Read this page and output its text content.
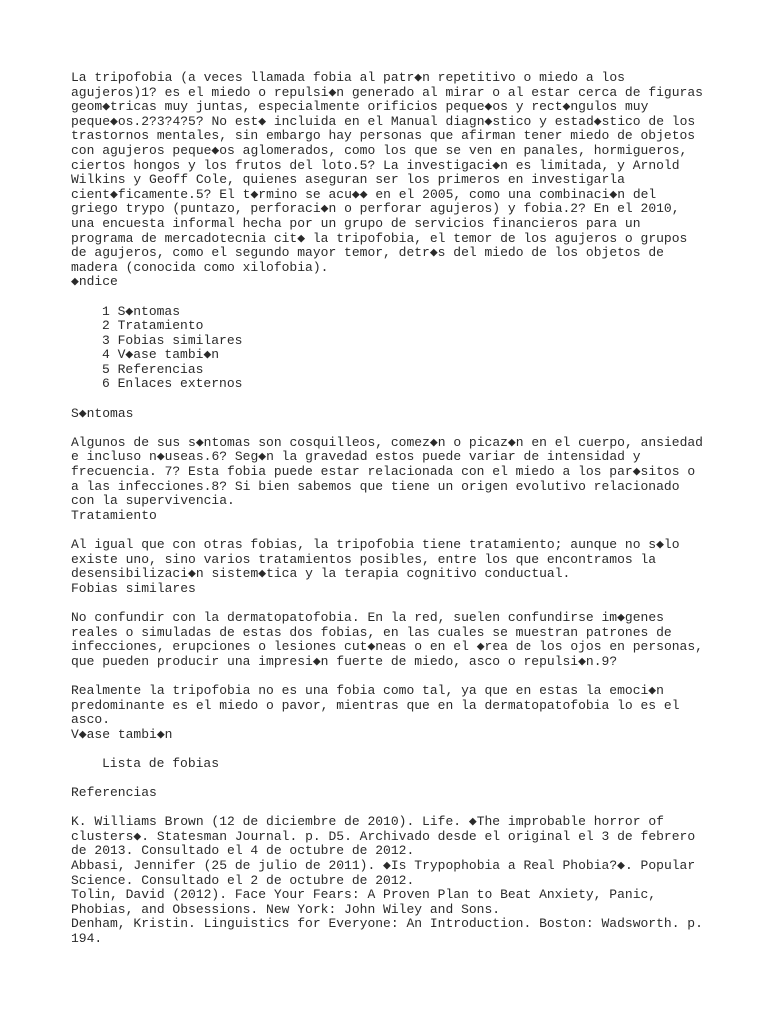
La tripofobia (a veces llamada fobia al patr◆n repetitivo o miedo a los agujeros)1? es el miedo o repulsi◆n generado al mirar o al estar cerca de figuras geom◆tricas muy juntas, especialmente orificios peque◆os y rect◆ngulos muy peque◆os.2?3?4?5? No est◆ incluida en el Manual diagn◆stico y estad◆stico de los trastornos mentales, sin embargo hay personas que afirman tener miedo de objetos con agujeros peque◆os aglomerados, como los que se ven en panales, hormigueros, ciertos hongos y los frutos del loto.5? La investigaci◆n es limitada, y Arnold Wilkins y Geoff Cole, quienes aseguran ser los primeros en investigarla cient◆ficamente.5? El t◆rmino se acu◆◆ en el 2005, como una combinaci◆n del griego trypo (puntazo, perforaci◆n o perforar agujeros) y fobia.2? En el 2010, una encuesta informal hecha por un grupo de servicios financieros para un programa de mercadotecnia cit◆ la tripofobia, el temor de los agujeros o grupos de agujeros, como el segundo mayor temor, detr◆s del miedo de los objetos de madera (conocida como xilofobia).

◆ndice
1 S◆ntomas
2 Tratamiento
3 Fobias similares
4 V◆ase tambi◆n
5 Referencias
6 Enlaces externos
S◆ntomas

Algunos de sus s◆ntomas son cosquilleos, comez◆n o picaz◆n en el cuerpo, ansiedad e incluso n◆useas.6? Seg◆n la gravedad estos puede variar de intensidad y frecuencia. 7? Esta fobia puede estar relacionada con el miedo a los par◆sitos o a las infecciones.8? Si bien sabemos que tiene un origen evolutivo relacionado con la supervivencia.

Tratamiento

Al igual que con otras fobias, la tripofobia tiene tratamiento; aunque no s◆lo existe uno, sino varios tratamientos posibles, entre los que encontramos la desensibilizaci◆n sistem◆tica y la terapia cognitivo conductual.

Fobias similares

No confundir con la dermatopatofobia. En la red, suelen confundirse im◆genes reales o simuladas de estas dos fobias, en las cuales se muestran patrones de infecciones, erupciones o lesiones cut◆neas o en el ◆rea de los ojos en personas, que pueden producir una impresi◆n fuerte de miedo, asco o repulsi◆n.9?

Realmente la tripofobia no es una fobia como tal, ya que en estas la emoci◆n predominante es el miedo o pavor, mientras que en la dermatopatofobia lo es el asco.

V◆ase tambi◆n
Lista de fobias
Referencias

K. Williams Brown (12 de diciembre de 2010). Life. ◆The improbable horror of clusters◆. Statesman Journal. p. D5. Archivado desde el original el 3 de febrero de 2013. Consultado el 4 de octubre de 2012.

Abbasi, Jennifer (25 de julio de 2011). ◆Is Trypophobia a Real Phobia?◆. Popular Science. Consultado el 2 de octubre de 2012.

Tolin, David (2012). Face Your Fears: A Proven Plan to Beat Anxiety, Panic, Phobias, and Obsessions. New York: John Wiley and Sons.

Denham, Kristin. Linguistics for Everyone: An Introduction. Boston: Wadsworth. p. 194.
